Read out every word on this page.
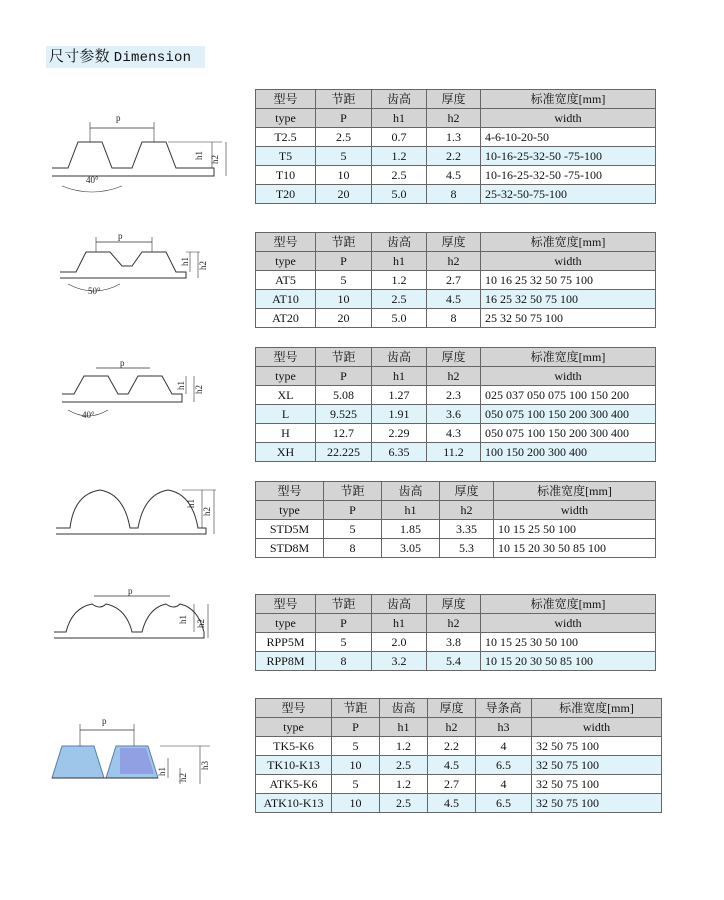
尺寸参数 Dimension
p
h1 h2
40°
p
h1 h2
50°
p
h1 h2
40°
h1
h2
p
h1 h2
p
h1
h2
h3
型号	节距	齿高	厚度	标准宽度[mm]
type	P	h1	h2	width
T2.5	2.5	0.7	1.3	4-6-10-20-50
T5	5	1.2	2.2	10-16-25-32-50 -75-100
T10	10	2.5	4.5	10-16-25-32-50 -75-100
T20	20	5.0	8	25-32-50-75-100
型号	节距	齿高	厚度	标准宽度[mm]
type	P	h1	h2	width
AT5	5	1.2	2.7	10 16 25 32 50 75 100
AT10	10	2.5	4.5	16 25 32 50 75 100
AT20	20	5.0	8	25 32 50 75 100
型号	节距	齿高	厚度	标准宽度[mm]
type	P	h1	h2	width
XL	5.08	1.27	2.3	025 037 050 075 100 150 200
L	9.525	1.91	3.6	050 075 100 150 200 300 400
H	12.7	2.29	4.3	050 075 100 150 200 300 400
XH	22.225	6.35	11.2	100 150 200 300 400
型号	节距	齿高	厚度	标准宽度[mm]
type	P	h1	h2	width
STD5M	5	1.85	3.35	10 15 25 50 100
STD8M	8	3.05	5.3	10 15 20 30 50 85 100
型号	节距	齿高	厚度	标准宽度[mm]
type	P	h1	h2	width
RPP5M	5	2.0	3.8	10 15 25 30 50 100
RPP8M	8	3.2	5.4	10 15 20 30 50 85 100
型号	节距	齿高	厚度	导条高	标准宽度[mm]
type	P	h1	h2	h3	width
TK5-K6	5	1.2	2.2	4	32 50 75 100
TK10-K13	10	2.5	4.5	6.5	32 50 75 100
ATK5-K6	5	1.2	2.7	4	32 50 75 100
ATK10-K13	10	2.5	4.5	6.5	32 50 75 100
